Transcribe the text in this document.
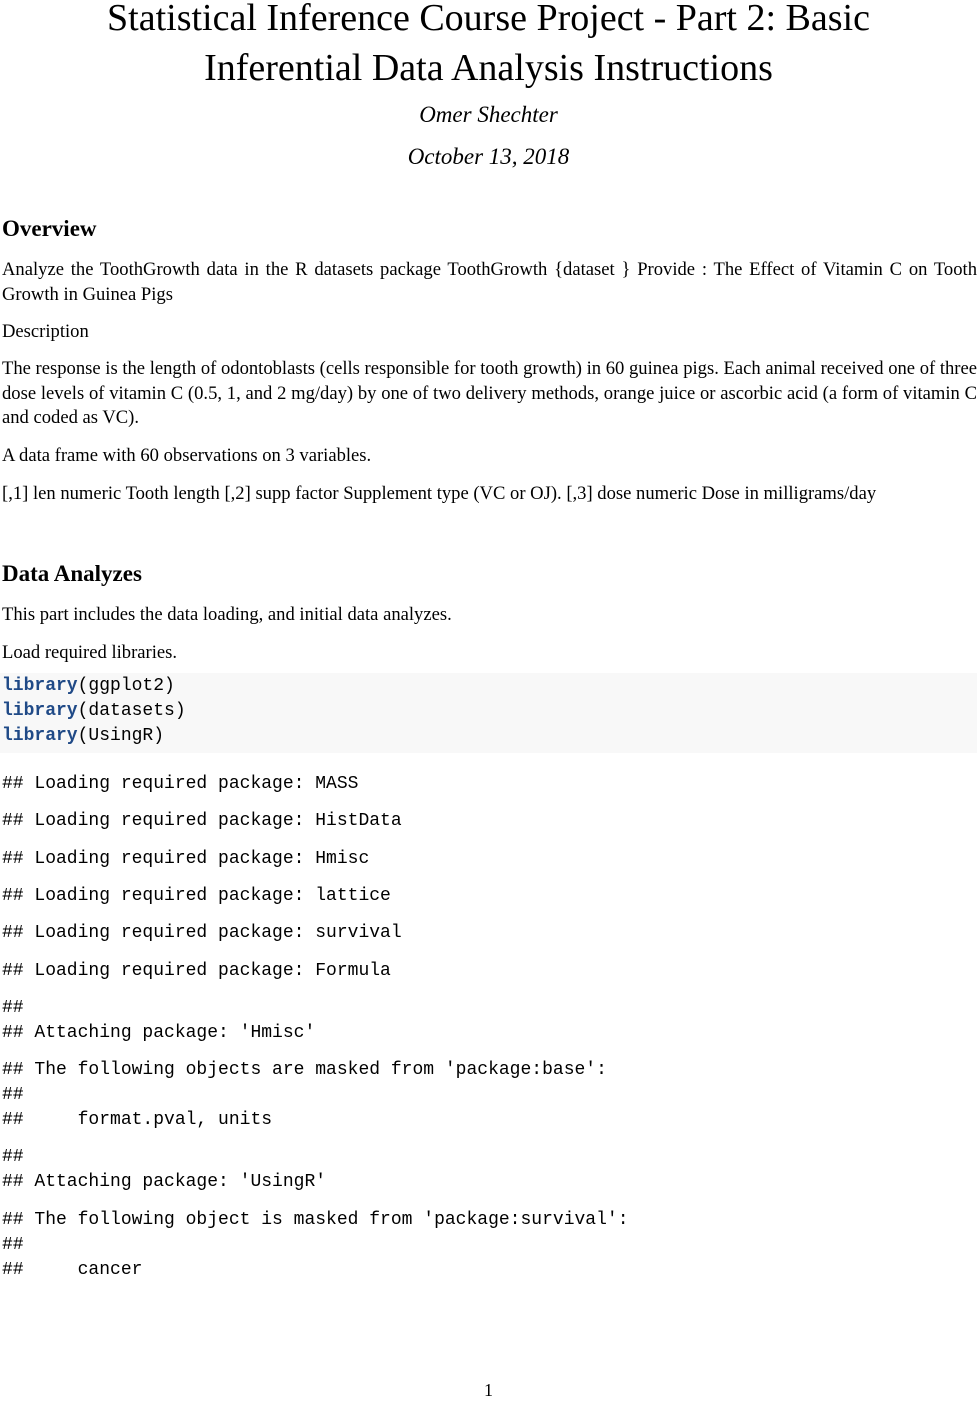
Statistical Inference Course Project - Part 2: Basic
Inferential Data Analysis Instructions
Omer Shechter
October 13, 2018
Overview

Analyze the ToothGrowth data in the R datasets package ToothGrowth {dataset } Provide : The Effect of Vitamin C on Tooth Growth in Guinea Pigs

Description

The response is the length of odontoblasts (cells responsible for tooth growth) in 60 guinea pigs. Each animal received one of three dose levels of vitamin C (0.5, 1, and 2 mg/day) by one of two delivery methods, orange juice or ascorbic acid (a form of vitamin C and coded as VC).

A data frame with 60 observations on 3 variables.

[,1] len numeric Tooth length [,2] supp factor Supplement type (VC or OJ). [,3] dose numeric Dose in milligrams/day

Data Analyzes

This part includes the data loading, and initial data analyzes.

Load required libraries.

library(ggplot2)
library(datasets)
library(UsingR)
## Loading required package: MASS
## Loading required package: HistData
## Loading required package: Hmisc
## Loading required package: lattice
## Loading required package: survival
## Loading required package: Formula
##
## Attaching package: 'Hmisc'
## The following objects are masked from 'package:base':
##
##     format.pval, units
##
## Attaching package: 'UsingR'
## The following object is masked from 'package:survival':
##
##     cancer
1
